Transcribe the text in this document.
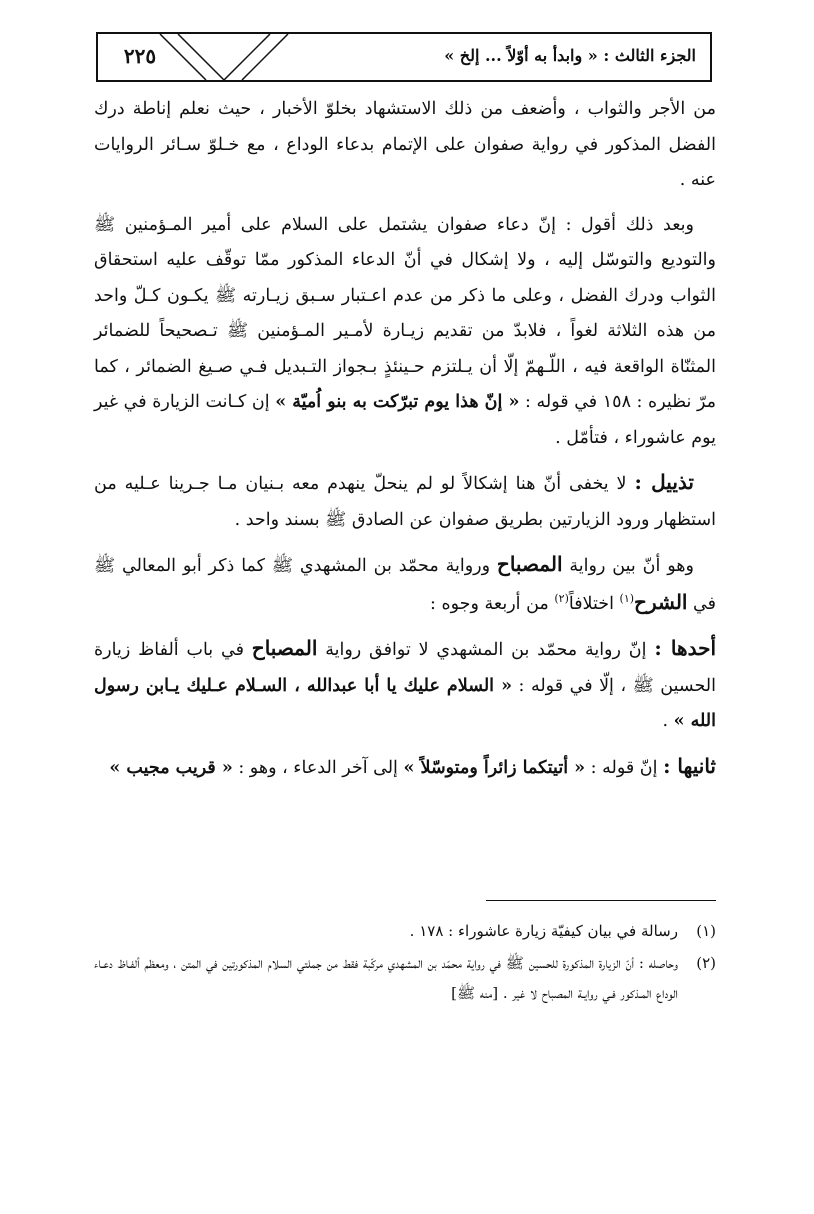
٢٢٥	الجزء الثالث : « وابدأ به أوّلاً ... إلخ »

من الأجر والثواب ، وأضعف من ذلك الاستشهاد بخلوّ الأخبار ، حيث نعلم إناطة درك الفضل المذكور في رواية صفوان على الإتمام بدعاء الوداع ، مع خـلوّ سـائر الروايات عنه .

وبعد ذلك أقول : إنّ دعاء صفوان يشتمل على السلام على أمير المـؤمنين ﷺ والتوديع والتوسّل إليه ، ولا إشكال في أنّ الدعاء المذكور ممّا توقّف عليه استحقاق الثواب ودرك الفضل ، وعلى ما ذكر من عدم اعـتبار سـبق زيـارته ﷺ يكـون كـلّ واحد من هذه الثلاثة لغواً ، فلابدّ من تقديم زيـارة لأمـير المـؤمنين ﷺ تـصحيحاً للضمائر المثنّاة الواقعة فيه ، اللّـهمّ إلّا أن يـلتزم حـينئذٍ بـجواز التـبديل فـي صـيغ الضمائر ، كما مرّ نظيره : ١٥٨ في قوله : « إنّ هذا يوم تبرّكت به بنو اُميّة » إن كـانت الزيارة في غير يوم عاشوراء ، فتأمّل .

تذييل : لا يخفى أنّ هنا إشكالاً لو لم ينحلّ ينهدم معه بـنيان مـا جـرينا عـليه من استظهار ورود الزيارتين بطريق صفوان عن الصادق ﷺ بسند واحد .

وهو أنّ بين رواية المصباح ورواية محمّد بن المشهدي ﷺ كما ذكر أبو المعالي ﷺ في الشرح$^{(١)}$ اختلافاً$^{(٢)}$ من أربعة وجوه :

أحدها : إنّ رواية محمّد بن المشهدي لا توافق رواية المصباح في باب ألفاظ زيارة الحسين ﷺ ، إلّا في قوله : « السلام عليك يا أبا عبدالله ، السـلام عـليك يـابن رسول الله » .

ثانيها : إنّ قوله : « أتيتكما زائراً ومتوسّلاً » إلى آخر الدعاء ، وهو : « قريب مجيب »

(١)
رسالة في بيان كيفيّة زيارة عاشوراء : ١٧٨ .
(٢)
وحاصله : أنّ الزيارة المذكورة للحسين ﷺ في رواية محمّد بن المشهدي مركّبة فقط من جملتي السلام المذكورتين في المتن ، ومعظم ألفـاظ دعـاء الوداع المـذكور فـي روايـة المصباح لا غير . [منه ﷺ]
